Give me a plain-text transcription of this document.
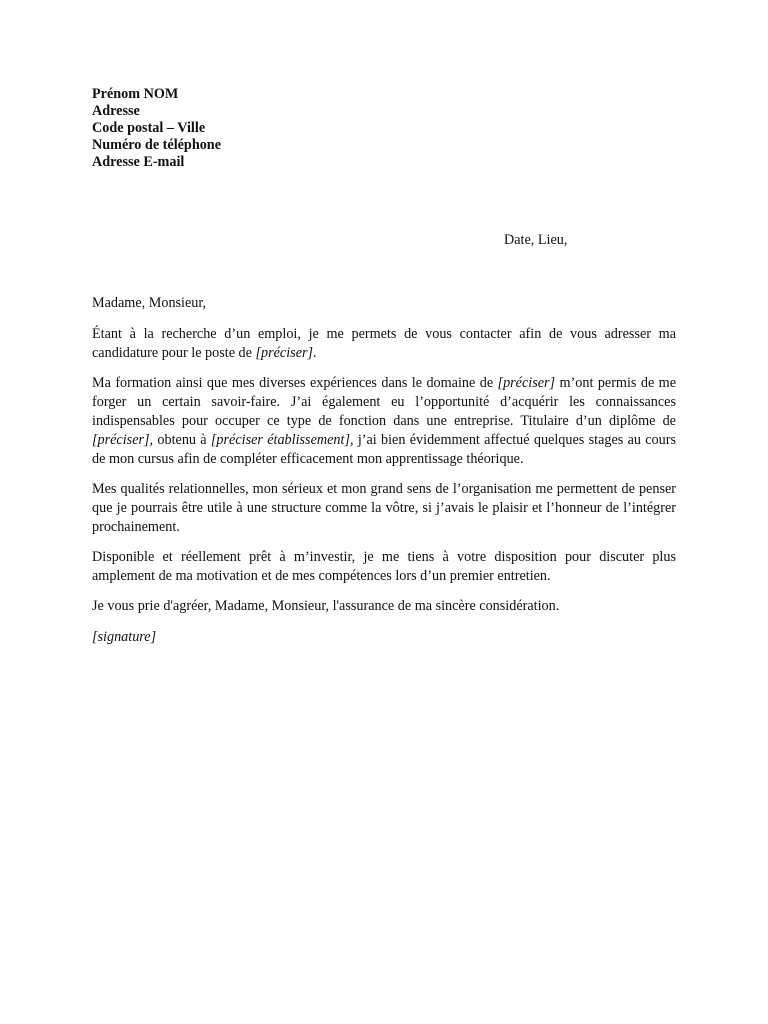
Prénom NOM
Adresse
Code postal – Ville
Numéro de téléphone
Adresse E-mail
Date, Lieu,

Madame, Monsieur,

Étant à la recherche d’un emploi, je me permets de vous contacter afin de vous adresser ma candidature pour le poste de [préciser].

Ma formation ainsi que mes diverses expériences dans le domaine de [préciser] m’ont permis de me forger un certain savoir-faire. J’ai également eu l’opportunité d’acquérir les connaissances indispensables pour occuper ce type de fonction dans une entreprise. Titulaire d’un diplôme de [préciser], obtenu à [préciser établissement], j’ai bien évidemment affectué quelques stages au cours de mon cursus afin de compléter efficacement mon apprentissage théorique.

Mes qualités relationnelles, mon sérieux et mon grand sens de l’organisation me permettent de penser que je pourrais être utile à une structure comme la vôtre, si j’avais le plaisir et l’honneur de l’intégrer prochainement.

Disponible et réellement prêt à m’investir, je me tiens à votre disposition pour discuter plus amplement de ma motivation et de mes compétences lors d’un premier entretien.

Je vous prie d'agréer, Madame, Monsieur, l'assurance de ma sincère considération.

[signature]
